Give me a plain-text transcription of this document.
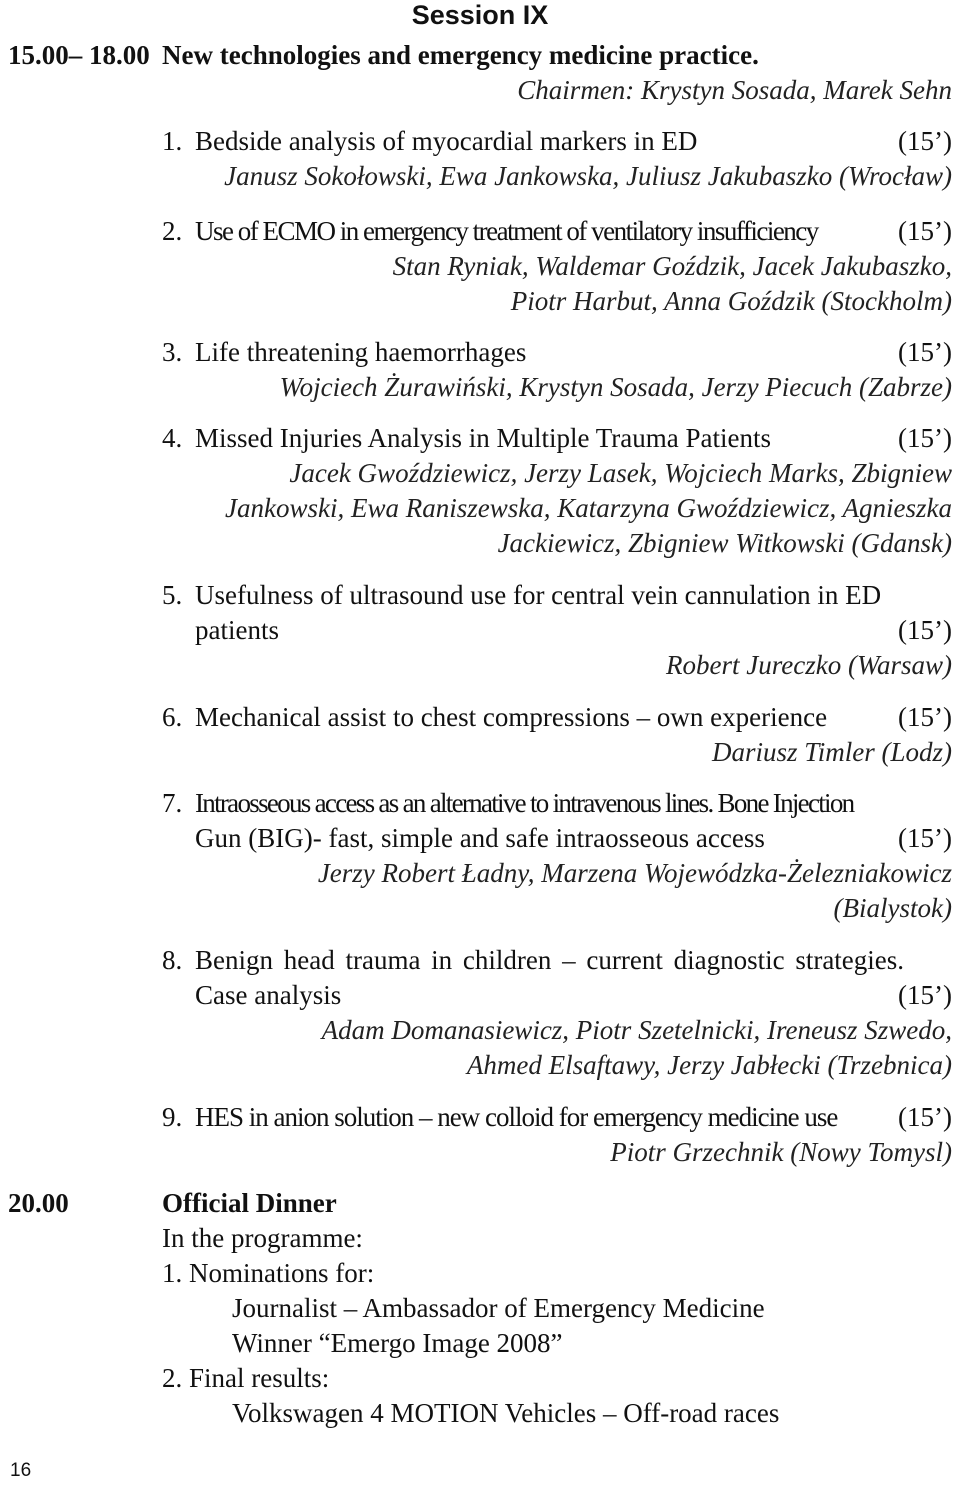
Session IX
15.00– 18.00 New technologies and emergency medicine practice.
Chairmen: Krystyn Sosada, Marek Sehn
1. Bedside analysis of myocardial markers in ED	(15’)
Janusz Sokołowski, Ewa Jankowska, Juliusz Jakubaszko (Wrocław)
2. Use of ECMO in emergency treatment of ventilatory insufficiency	(15’)
Stan Ryniak, Waldemar Goździk, Jacek Jakubaszko,
Piotr Harbut, Anna Goździk (Stockholm)
3. Life threatening haemorrhages	(15’)
Wojciech Żurawiński, Krystyn Sosada, Jerzy Piecuch (Zabrze)
4. Missed Injuries Analysis in Multiple Trauma Patients	(15’)
Jacek Gwoździewicz, Jerzy Lasek, Wojciech Marks, Zbigniew
Jankowski, Ewa Raniszewska, Katarzyna Gwoździewicz, Agnieszka
Jackiewicz, Zbigniew Witkowski (Gdansk)
5. Usefulness of ultrasound use for central vein cannulation in ED
patients	(15’)
Robert Jureczko (Warsaw)
6. Mechanical assist to chest compressions – own experience	(15’)
Dariusz Timler (Lodz)
7. Intraosseous access as an alternative to intravenous lines. Bone Injection
Gun (BIG)- fast, simple and safe intraosseous access	(15’)
Jerzy Robert Ładny, Marzena Wojewódzka-Żelezniakowicz
(Bialystok)
8. Benign head trauma in children – current diagnostic strategies.
Case analysis	(15’)
Adam Domanasiewicz, Piotr Szetelnicki, Ireneusz Szwedo,
Ahmed Elsaftawy, Jerzy Jabłecki (Trzebnica)
9. HES in anion solution – new colloid for emergency medicine use (15’)
Piotr Grzechnik (Nowy Tomysl)
20.00	Official Dinner
In the programme:
1. Nominations for:
Journalist – Ambassador of Emergency Medicine
Winner “Emergo Image 2008”
2. Final results:
Volkswagen 4 MOTION Vehicles – Off-road races
16
